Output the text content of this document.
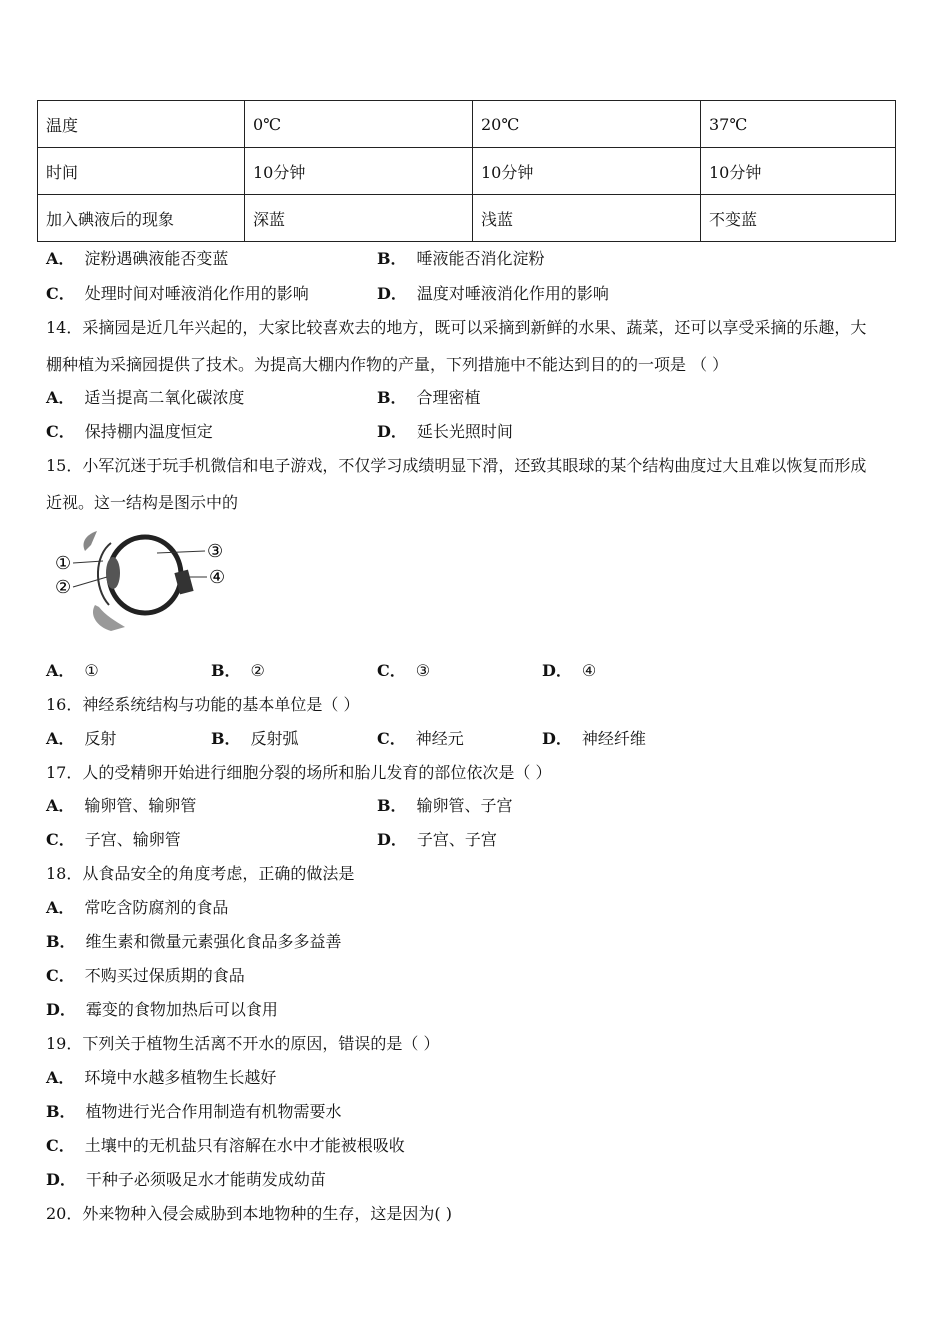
温度	0℃	20℃	37℃
时间	10分钟	10分钟	10分钟
加入碘液后的现象	深蓝	浅蓝	不变蓝
A． 淀粉遇碘液能否变蓝	B． 唾液能否消化淀粉
C． 处理时间对唾液消化作用的影响	D． 温度对唾液消化作用的影响
14．采摘园是近几年兴起的，大家比较喜欢去的地方，既可以采摘到新鲜的水果、蔬菜，还可以享受采摘的乐趣，大
棚种植为采摘园提供了技术。为提高大棚内作物的产量，下列措施中不能达到目的的一项是 （ ）
A． 适当提高二氧化碳浓度	B． 合理密植
C． 保持棚内温度恒定	D． 延长光照时间
15．小军沉迷于玩手机微信和电子游戏，不仅学习成绩明显下滑，还致其眼球的某个结构曲度过大且难以恢复而形成
近视。这一结构是图示中的
①
②
③
④
A． ①	B． ②	C． ③	D． ④
16．神经系统结构与功能的基本单位是（ ）
A． 反射	B． 反射弧	C． 神经元	D． 神经纤维
17．人的受精卵开始进行细胞分裂的场所和胎儿发育的部位依次是（ ）
A． 输卵管、输卵管	B． 输卵管、子宫
C． 子宫、输卵管	D． 子宫、子宫
18．从食品安全的角度考虑，正确的做法是
A． 常吃含防腐剂的食品
B． 维生素和微量元素强化食品多多益善
C． 不购买过保质期的食品
D． 霉变的食物加热后可以食用
19．下列关于植物生活离不开水的原因，错误的是（ ）
A． 环境中水越多植物生长越好
B． 植物进行光合作用制造有机物需要水
C． 土壤中的无机盐只有溶解在水中才能被根吸收
D． 干种子必须吸足水才能萌发成幼苗
20．外来物种入侵会威胁到本地物种的生存，这是因为( )
